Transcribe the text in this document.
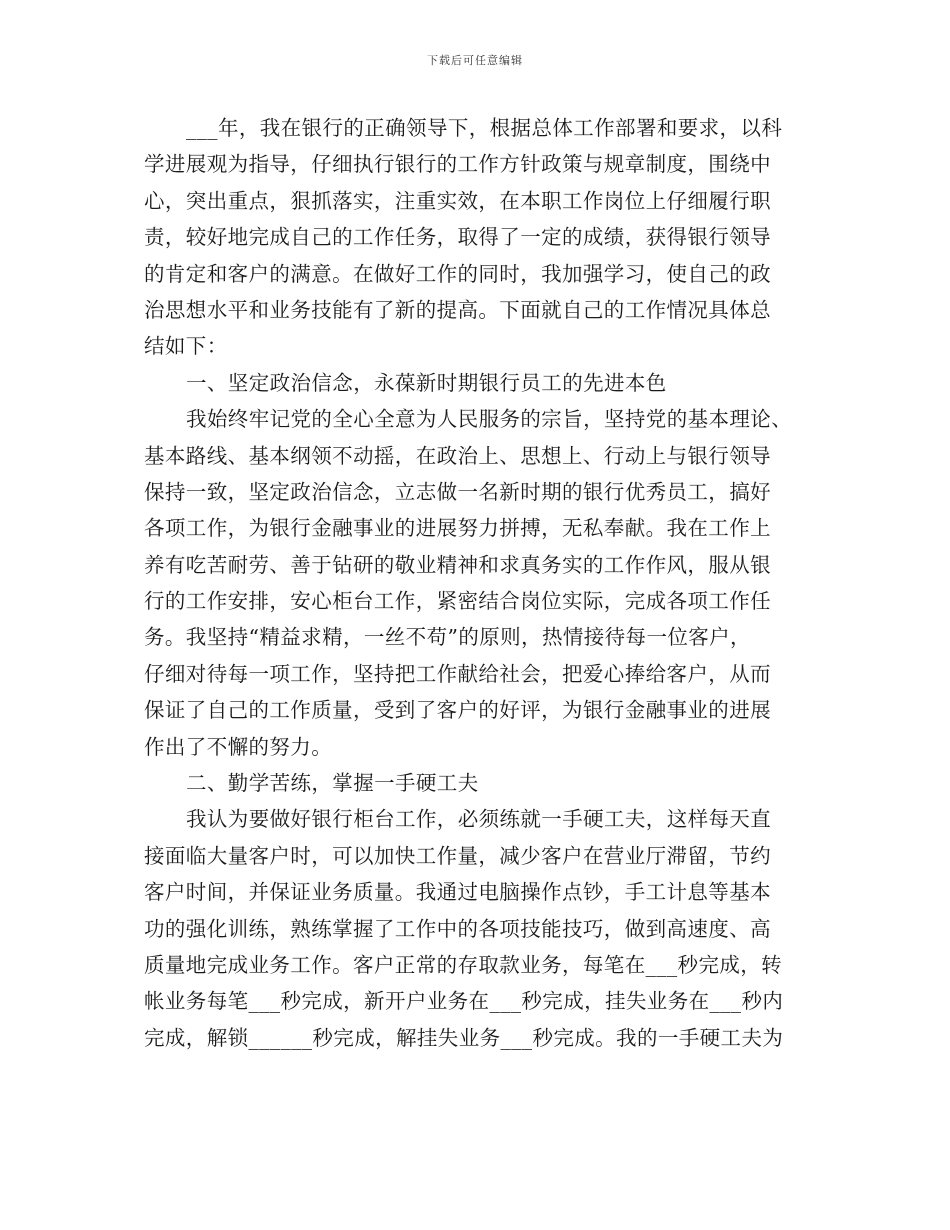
下载后可任意编辑
___年，我在银行的正确领导下，根据总体工作部署和要求，以科
学进展观为指导，仔细执行银行的工作方针政策与规章制度，围绕中
心，突出重点，狠抓落实，注重实效，在本职工作岗位上仔细履行职
责，较好地完成自己的工作任务，取得了一定的成绩，获得银行领导
的肯定和客户的满意。在做好工作的同时，我加强学习，使自己的政
治思想水平和业务技能有了新的提高。下面就自己的工作情况具体总
结如下：
一、坚定政治信念，永葆新时期银行员工的先进本色
我始终牢记党的全心全意为人民服务的宗旨，坚持党的基本理论、
基本路线、基本纲领不动摇，在政治上、思想上、行动上与银行领导
保持一致，坚定政治信念，立志做一名新时期的银行优秀员工，搞好
各项工作，为银行金融事业的进展努力拼搏，无私奉献。我在工作上
养有吃苦耐劳、善于钻研的敬业精神和求真务实的工作作风，服从银
行的工作安排，安心柜台工作，紧密结合岗位实际，完成各项工作任
务。我坚持“精益求精，一丝不苟”的原则，热情接待每一位客户，
仔细对待每一项工作，坚持把工作献给社会，把爱心捧给客户，从而
保证了自己的工作质量，受到了客户的好评，为银行金融事业的进展
作出了不懈的努力。
二、勤学苦练，掌握一手硬工夫
我认为要做好银行柜台工作，必须练就一手硬工夫，这样每天直
接面临大量客户时，可以加快工作量，减少客户在营业厅滞留，节约
客户时间，并保证业务质量。我通过电脑操作点钞，手工计息等基本
功的强化训练，熟练掌握了工作中的各项技能技巧，做到高速度、高
质量地完成业务工作。客户正常的存取款业务，每笔在___秒完成，转
帐业务每笔___秒完成，新开户业务在___秒完成，挂失业务在___秒内
完成，解锁______秒完成，解挂失业务___秒完成。我的一手硬工夫为
